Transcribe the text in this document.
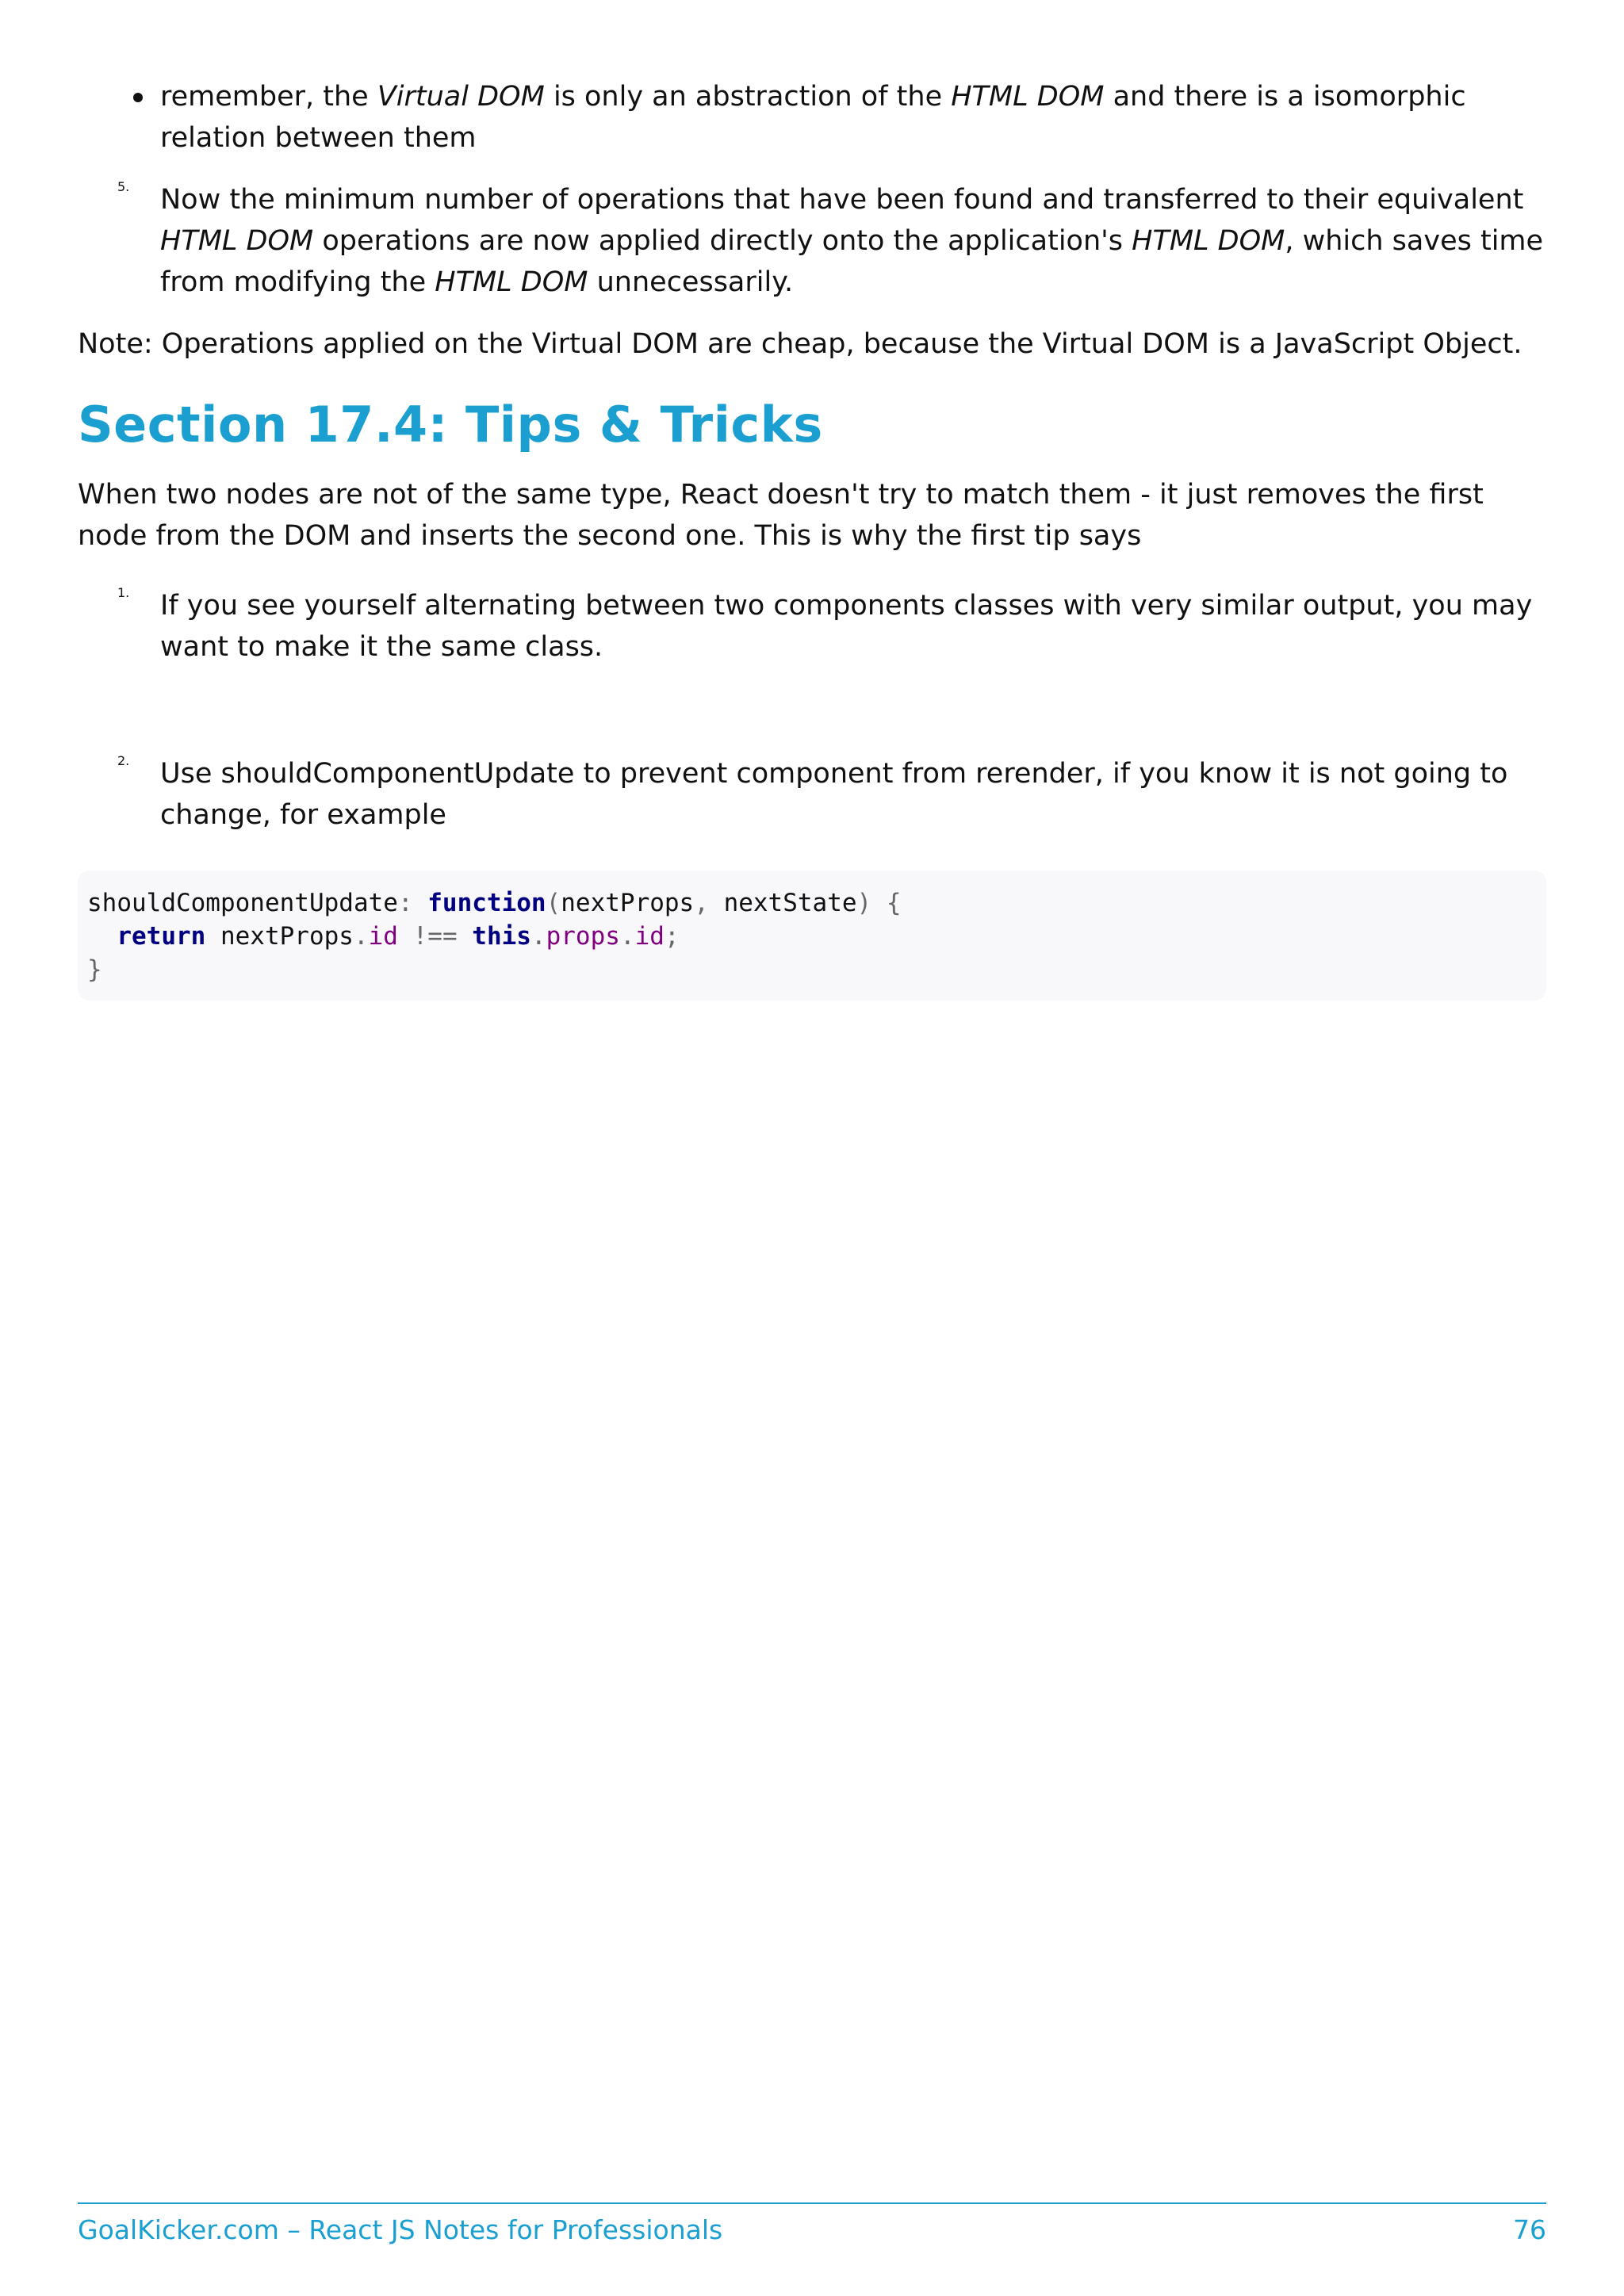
remember, the Virtual DOM is only an abstraction of the HTML DOM and there is a isomorphic relation between them
5.	Now the minimum number of operations that have been found and transferred to their equivalent HTML DOM operations are now applied directly onto the application's HTML DOM, which saves time from modifying the HTML DOM unnecessarily.

Note: Operations applied on the Virtual DOM are cheap, because the Virtual DOM is a JavaScript Object.

Section 17.4: Tips & Tricks

When two nodes are not of the same type, React doesn't try to match them - it just removes the first node from the DOM and inserts the second one. This is why the first tip says

1.	If you see yourself alternating between two components classes with very similar output, you may want to make it the same class.

2.	Use shouldComponentUpdate to prevent component from rerender, if you know it is not going to change, for example

shouldComponentUpdate: function(nextProps, nextState) {
return nextProps.id !== this.props.id;
}
GoalKicker.com – React JS Notes for Professionals	76
